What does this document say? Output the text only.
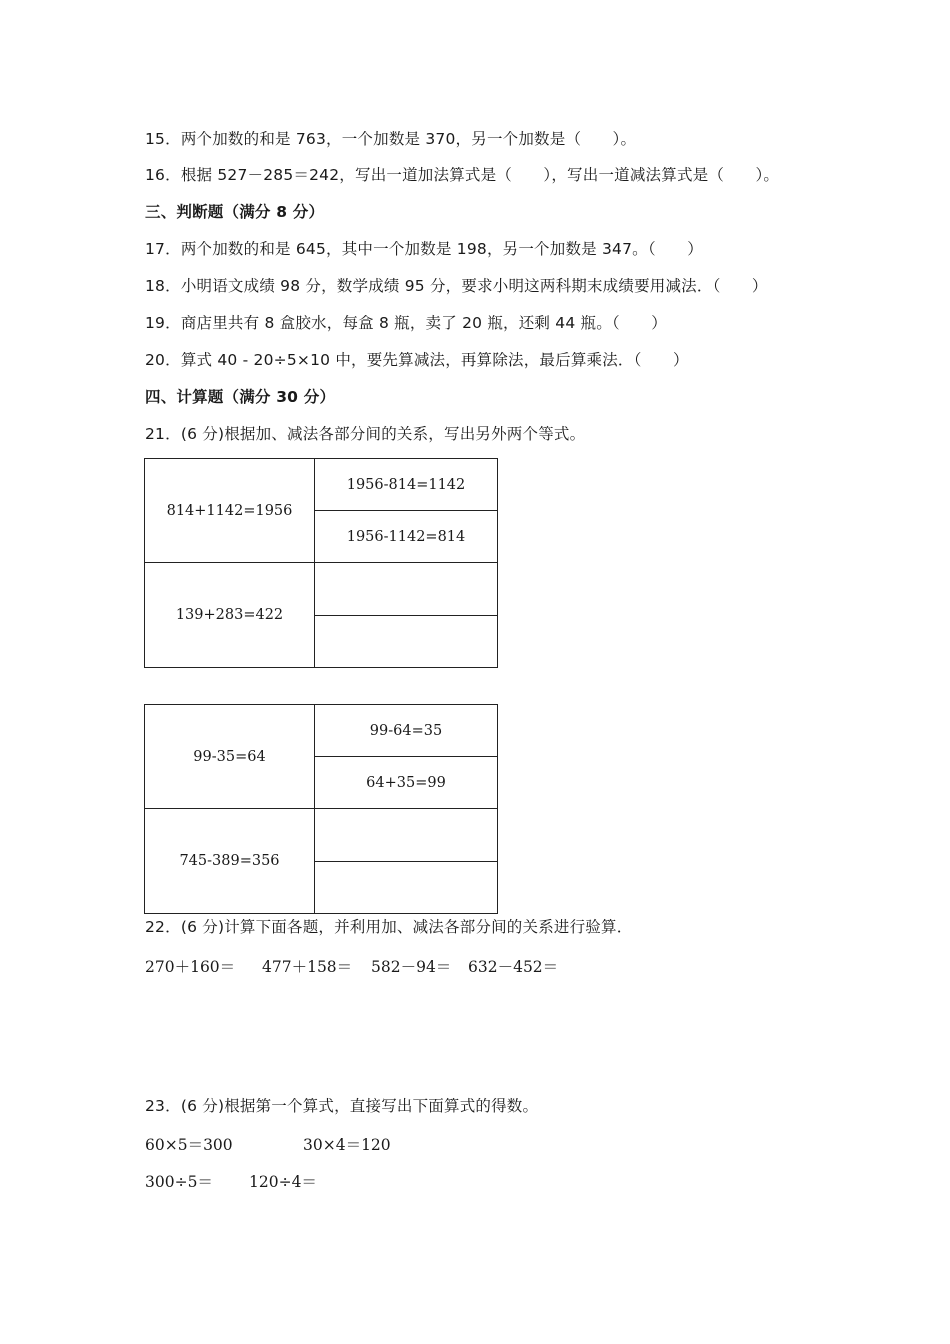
15．两个加数的和是 763，一个加数是 370，另一个加数是（　　）。
16．根据 527－285＝242，写出一道加法算式是（　　），写出一道减法算式是（　　）。
三、判断题（满分 8 分）
17．两个加数的和是 645，其中一个加数是 198，另一个加数是 347。（　　）
18．小明语文成绩 98 分，数学成绩 95 分，要求小明这两科期末成绩要用减法．（　　）
19．商店里共有 8 盒胶水，每盒 8 瓶，卖了 20 瓶，还剩 44 瓶。（　　）
20．算式 40 - 20÷5×10 中，要先算减法，再算除法，最后算乘法．（　　）
四、计算题（满分 30 分）
21．(6 分)根据加、减法各部分间的关系，写出另外两个等式。
814+1142=1956
1956-814=1142
1956-1142=814
139+283=422
99-35=64
99-64=35
64+35=99
745-389=356
22．(6 分)计算下面各题，并利用加、减法各部分间的关系进行验算．
270＋160＝ 477＋158＝ 582－94＝ 632－452＝
23．(6 分)根据第一个算式，直接写出下面算式的得数。
60×5＝300	30×4＝120
300÷5＝ 120÷4＝
